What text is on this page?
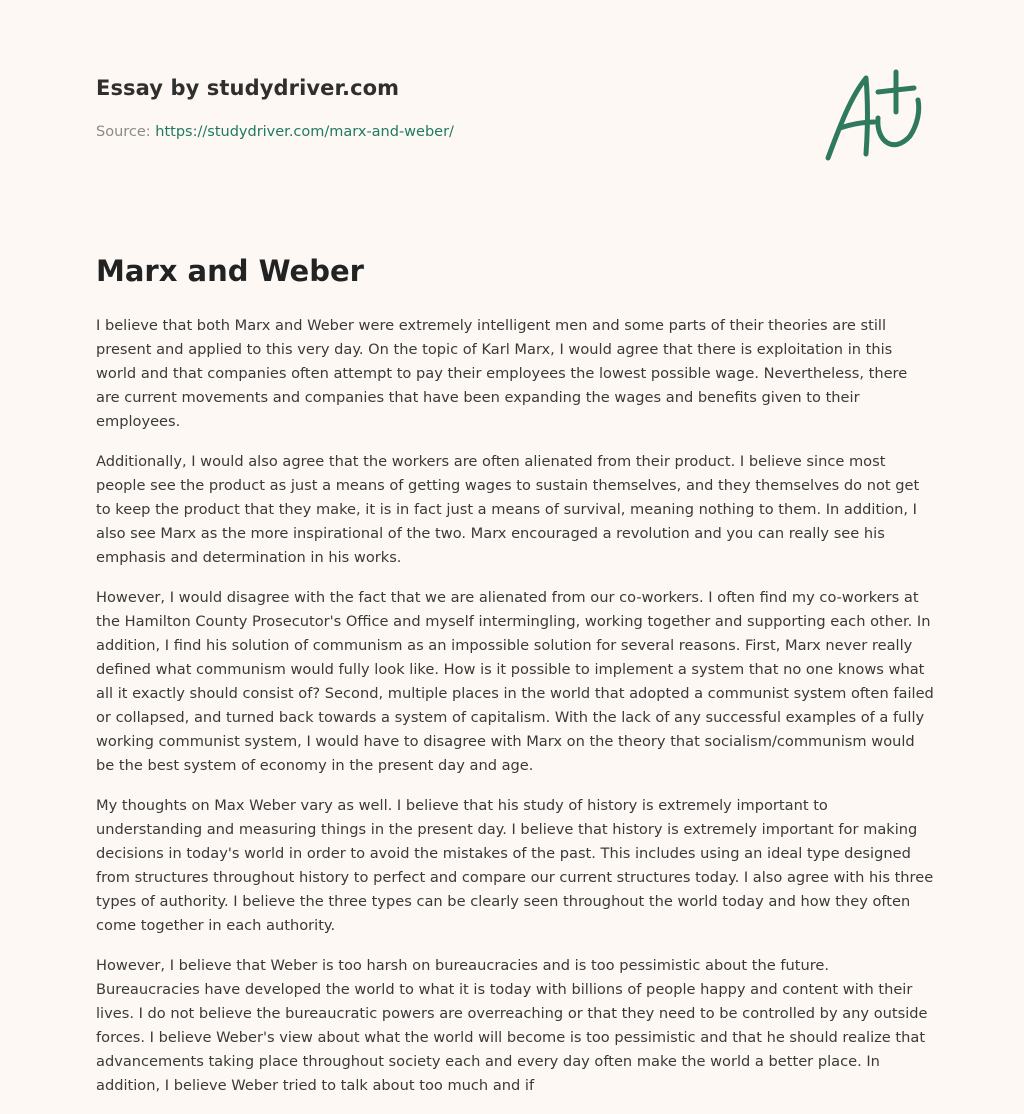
Essay by studydriver.com
Source: https://studydriver.com/marx-and-weber/
Marx and Weber

I believe that both Marx and Weber were extremely intelligent men and some parts of their theories are still present and applied to this very day. On the topic of Karl Marx, I would agree that there is exploitation in this world and that companies often attempt to pay their employees the lowest possible wage. Nevertheless, there are current movements and companies that have been expanding the wages and benefits given to their employees.

Additionally, I would also agree that the workers are often alienated from their product. I believe since most people see the product as just a means of getting wages to sustain themselves, and they themselves do not get to keep the product that they make, it is in fact just a means of survival, meaning nothing to them. In addition, I also see Marx as the more inspirational of the two. Marx encouraged a revolution and you can really see his emphasis and determination in his works.

However, I would disagree with the fact that we are alienated from our co-workers. I often find my co-workers at the Hamilton County Prosecutor's Office and myself intermingling, working together and supporting each other. In addition, I find his solution of communism as an impossible solution for several reasons. First, Marx never really defined what communism would fully look like. How is it possible to implement a system that no one knows what all it exactly should consist of? Second, multiple places in the world that adopted a communist system often failed or collapsed, and turned back towards a system of capitalism. With the lack of any successful examples of a fully working communist system, I would have to disagree with Marx on the theory that socialism/communism would be the best system of economy in the present day and age.

My thoughts on Max Weber vary as well. I believe that his study of history is extremely important to understanding and measuring things in the present day. I believe that history is extremely important for making decisions in today's world in order to avoid the mistakes of the past. This includes using an ideal type designed from structures throughout history to perfect and compare our current structures today. I also agree with his three types of authority. I believe the three types can be clearly seen throughout the world today and how they often come together in each authority.

However, I believe that Weber is too harsh on bureaucracies and is too pessimistic about the future. Bureaucracies have developed the world to what it is today with billions of people happy and content with their lives. I do not believe the bureaucratic powers are overreaching or that they need to be controlled by any outside forces. I believe Weber's view about what the world will become is too pessimistic and that he should realize that advancements taking place throughout society each and every day often make the world a better place. In addition, I believe Weber tried to talk about too much and if
